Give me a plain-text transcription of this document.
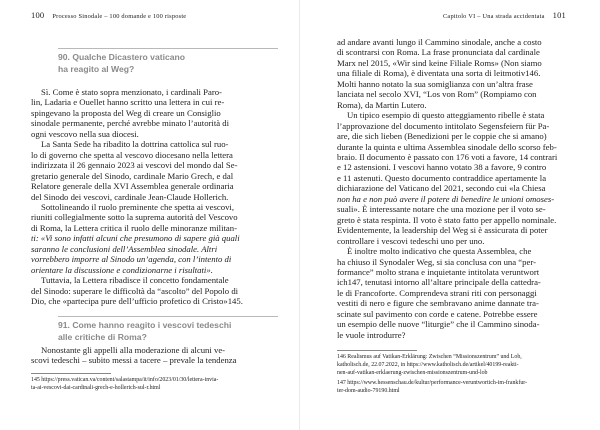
100 Processo Sinodale – 100 domande e 100 risposte

90. Qualche Dicastero vaticano
ha reagito al Weg?

Sì. Come è stato sopra menzionato, i cardinali Paro-
lin, Ladaria e Ouellet hanno scritto una lettera in cui re-
spingevano la proposta del Weg di creare un Consiglio
sinodale permanente, perché avrebbe minato l’autorità di
ogni vescovo nella sua diocesi.
La Santa Sede ha ribadito la dottrina cattolica sul ruo-
lo di governo che spetta al vescovo diocesano nella lettera
indirizzata il 26 gennaio 2023 ai vescovi del mondo dal Se-
gretario generale del Sinodo, cardinale Mario Grech, e dal
Relatore generale della XVI Assemblea generale ordinaria
del Sinodo dei vescovi, cardinale Jean-Claude Hollerich.
Sottolineando il ruolo preminente che spetta ai vescovi,
riuniti collegialmente sotto la suprema autorità del Vescovo
di Roma, la Lettera critica il ruolo delle minoranze militan-
ti: «Vi sono infatti alcuni che presumono di sapere già quali
saranno le conclusioni dell’Assemblea sinodale. Altri
vorrebbero imporre al Sinodo un’agenda, con l’intento di
orientare la discussione e condizionarne i risultati».
Tuttavia, la Lettera ribadisce il concetto fondamentale
del Sinodo: superare le difficoltà da “ascolto” del Popolo di
Dio, che «partecipa pure dell’ufficio profetico di Cristo»145.

91. Come hanno reagito i vescovi tedeschi
alle critiche di Roma?

Nonostante gli appelli alla moderazione di alcuni ve-
scovi tedeschi – subito messi a tacere – prevale la tendenza
145 https://press.vatican.va/content/salastampa/it/info/2023/01/30/lettera-invia-
ta-ai-vescovi-dai-cardinali-grech-e-hollerich-sul-r.html
Capitolo VI – Una strada accidentata 101
ad andare avanti lungo il Cammino sinodale, anche a costo
di scontrarsi con Roma. La frase pronunciata dal cardinale
Marx nel 2015, «Wir sind keine Filiale Roms» (Non siamo
una filiale di Roma), è diventata una sorta di leitmotiv146.
Molti hanno notato la sua somiglianza con un’altra frase
lanciata nel secolo XVI, “Los von Rom” (Rompiamo con
Roma), da Martin Lutero.
Un tipico esempio di questo atteggiamento ribelle è stata
l’approvazione del documento intitolato Segensfeiern für Pa-
are, die sich lieben (Benedizioni per le coppie che si amano)
durante la quinta e ultima Assemblea sinodale dello scorso feb-
braio. Il documento è passato con 176 voti a favore, 14 contrari
e 12 astensioni. I vescovi hanno votato 38 a favore, 9 contro
e 11 astenuti. Questo documento contraddice apertamente la
dichiarazione del Vaticano del 2021, secondo cui «la Chiesa
non ha e non può avere il potere di benedire le unioni omoses-
suali». È interessante notare che una mozione per il voto se-
greto è stata respinta. Il voto è stato fatto per appello nominale.
Evidentemente, la leadership del Weg si è assicurata di poter
controllare i vescovi tedeschi uno per uno.
È inoltre molto indicativo che questa Assemblea, che
ha chiuso il Synodaler Weg, si sia conclusa con una “per-
formance” molto strana e inquietante intitolata veruntwort
ich147, tenutasi intorno all’altare principale della cattedra-
le di Francoforte. Comprendeva strani riti con personaggi
vestiti di nero e figure che sembravano anime dannate tra-
scinate sul pavimento con corde e catene. Potrebbe essere
un esempio delle nuove “liturgie” che il Cammino sinoda-
le vuole introdurre?
146 Realismus auf Vatikan-Erklärung: Zwischen “Missionszentrum” und Lob,
katholisch.de, 22.07.2022, in https://www.katholisch.de/artikel/40199-reakti-
nen-auf-vatikan-erklaerung-zwischen-missionszentrum-und-lob
147 https://www.hessenschau.de/kultur/performance-veruntwortich-im-frankfur-
ter-dom-audio-79190.html
